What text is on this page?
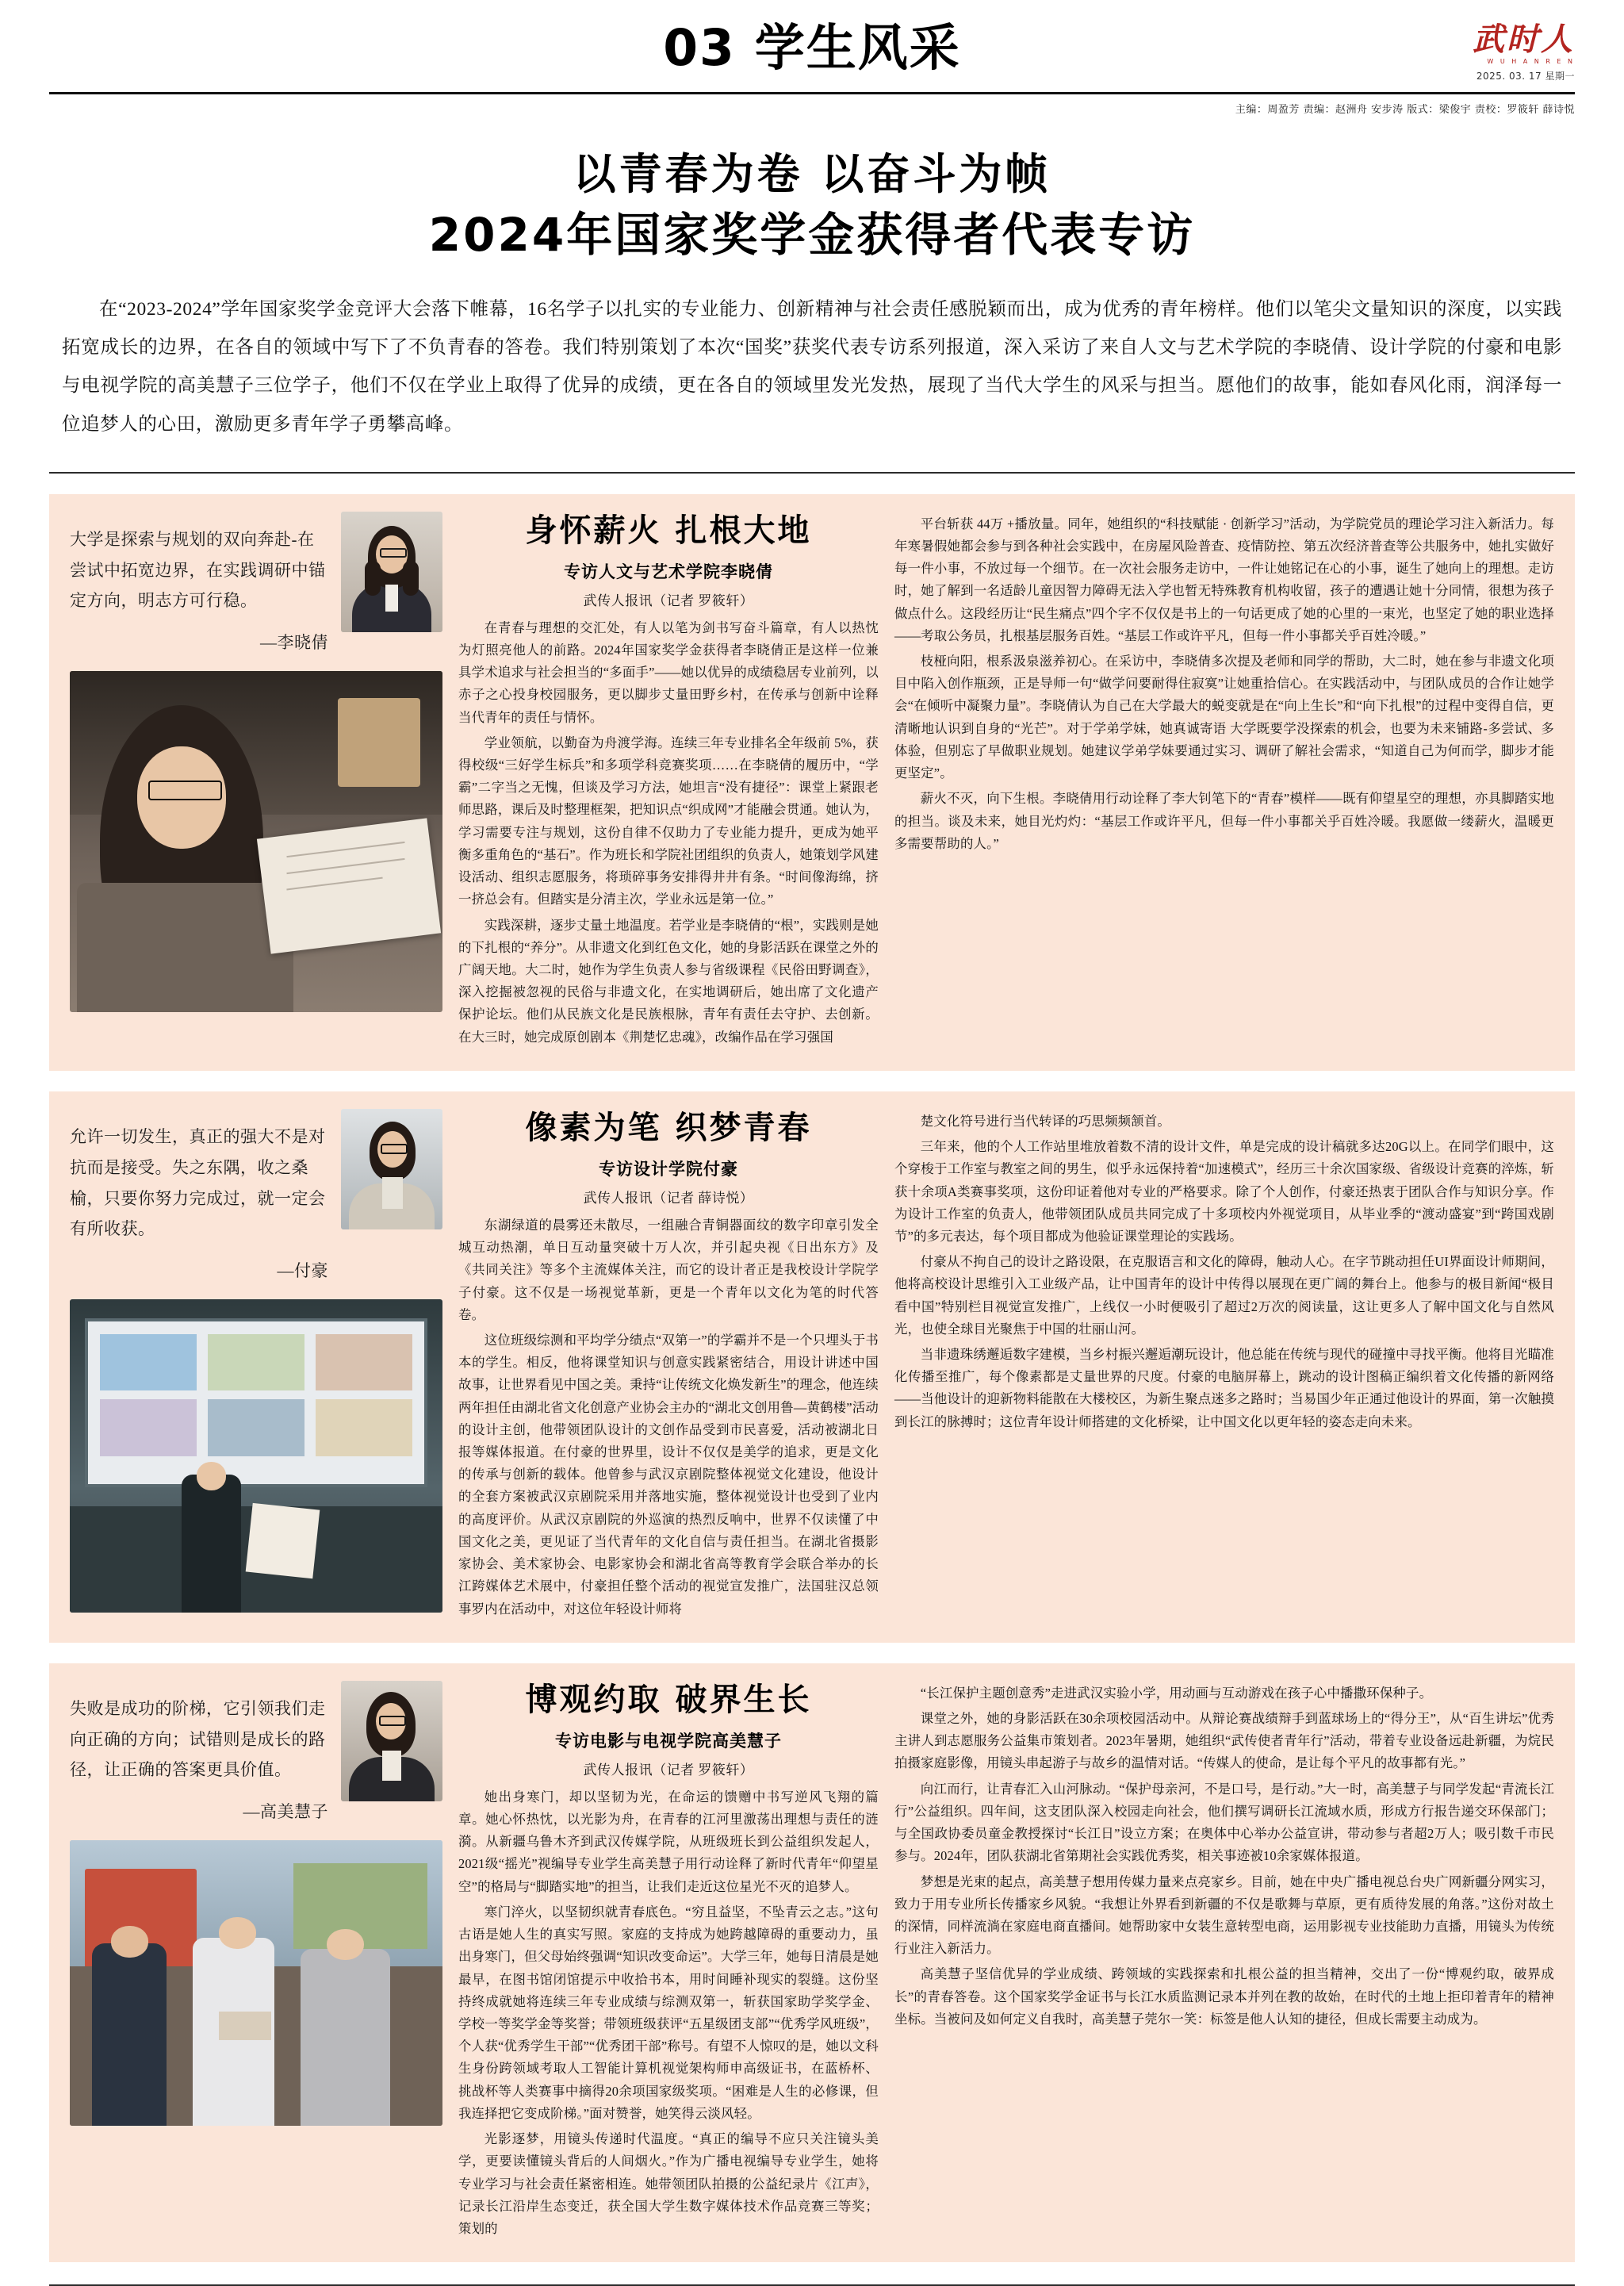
03 学生风采	武时人
W U H A N R E N
2025. 03. 17 星期一
主编：周盈芳 责编：赵洲舟 安步涛 版式：梁俊宇 责校：罗筱轩 薛诗悦
以青春为卷 以奋斗为帧
2024年国家奖学金获得者代表专访
在“2023-2024”学年国家奖学金竞评大会落下帷幕，16名学子以扎实的专业能力、创新精神与社会责任感脱颖而出，成为优秀的青年榜样。他们以笔尖文量知识的深度，以实践拓宽成长的边界，在各自的领域中写下了不负青春的答卷。我们特别策划了本次“国奖”获奖代表专访系列报道，深入采访了来自人文与艺术学院的李晓倩、设计学院的付豪和电影与电视学院的高美慧子三位学子，他们不仅在学业上取得了优异的成绩，更在各自的领域里发光发热，展现了当代大学生的风采与担当。愿他们的故事，能如春风化雨，润泽每一位追梦人的心田，激励更多青年学子勇攀高峰。
大学是探索与规划的双向奔赴-在尝试中拓宽边界，在实践调研中锚定方向，明志方可行稳。
—李晓倩
身怀薪火 扎根大地
专访人文与艺术学院李晓倩
武传人报讯（记者 罗筱轩）

在青春与理想的交汇处，有人以笔为剑书写奋斗篇章，有人以热忱为灯照亮他人的前路。2024年国家奖学金获得者李晓倩正是这样一位兼具学术追求与社会担当的“多面手”——她以优异的成绩稳居专业前列，以赤子之心投身校园服务，更以脚步丈量田野乡村，在传承与创新中诠释当代青年的责任与情怀。

学业领航，以勤奋为舟渡学海。连续三年专业排名全年级前 5%，获得校级“三好学生标兵”和多项学科竞赛奖项……在李晓倩的履历中，“学霸”二字当之无愧，但谈及学习方法，她坦言“没有捷径”：课堂上紧跟老师思路，课后及时整理框架，把知识点“织成网”才能融会贯通。她认为，学习需要专注与规划，这份自律不仅助力了专业能力提升，更成为她平衡多重角色的“基石”。作为班长和学院社团组织的负责人，她策划学风建设活动、组织志愿服务，将琐碎事务安排得井井有条。“时间像海绵，挤一挤总会有。但踏实是分清主次，学业永远是第一位。”

实践深耕，逐步丈量土地温度。若学业是李晓倩的“根”，实践则是她的下扎根的“养分”。从非遗文化到红色文化，她的身影活跃在课堂之外的广阔天地。大二时，她作为学生负责人参与省级课程《民俗田野调查》，深入挖掘被忽视的民俗与非遗文化，在实地调研后，她出席了文化遗产保护论坛。他们从民族文化是民族根脉，青年有责任去守护、去创新。在大三时，她完成原创剧本《荆楚忆忠魂》，改编作品在学习强国

平台斩获 44万 +播放量。同年，她组织的“科技赋能 · 创新学习”活动，为学院党员的理论学习注入新活力。每年寒暑假她都会参与到各种社会实践中，在房屋风险普查、疫情防控、第五次经济普查等公共服务中，她扎实做好每一件小事，不放过每一个细节。在一次社会服务走访中，一件让她铭记在心的小事，诞生了她向上的理想。走访时，她了解到一名适龄儿童因智力障碍无法入学也暂无特殊教育机构收留，孩子的遭遇让她十分同情，很想为孩子做点什么。这段经历让“民生痛点”四个字不仅仅是书上的一句话更成了她的心里的一束光，也坚定了她的职业选择——考取公务员，扎根基层服务百姓。“基层工作或许平凡，但每一件小事都关乎百姓冷暖。”

枝桠向阳，根系汲泉滋养初心。在采访中，李晓倩多次提及老师和同学的帮助，大二时，她在参与非遗文化项目中陷入创作瓶颈，正是导师一句“做学问要耐得住寂寞”让她重拾信心。在实践活动中，与团队成员的合作让她学会“在倾听中凝聚力量”。李晓倩认为自己在大学最大的蜕变就是在“向上生长”和“向下扎根”的过程中变得自信，更清晰地认识到自身的“光芒”。对于学弟学妹，她真诚寄语 大学既要学没探索的机会，也要为未来铺路-多尝试、多体验，但别忘了早做职业规划。她建议学弟学妹要通过实习、调研了解社会需求，“知道自己为何而学，脚步才能更坚定”。

薪火不灭，向下生根。李晓倩用行动诠释了李大钊笔下的“青春”模样——既有仰望星空的理想，亦具脚踏实地的担当。谈及未来，她目光灼灼：“基层工作或许平凡，但每一件小事都关乎百姓冷暖。我愿做一缕薪火，温暖更多需要帮助的人。”

允许一切发生，真正的强大不是对抗而是接受。失之东隅，收之桑榆，只要你努力完成过，就一定会有所收获。
—付豪
像素为笔 织梦青春
专访设计学院付豪
武传人报讯（记者 薛诗悦）

东湖绿道的晨雾还未散尽，一组融合青铜器面纹的数字印章引发全城互动热潮，单日互动量突破十万人次，并引起央视《日出东方》及《共同关注》等多个主流媒体关注，而它的设计者正是我校设计学院学子付豪。这不仅是一场视觉革新，更是一个青年以文化为笔的时代答卷。

这位班级综测和平均学分绩点“双第一”的学霸并不是一个只埋头于书本的学生。相反，他将课堂知识与创意实践紧密结合，用设计讲述中国故事，让世界看见中国之美。秉持“让传统文化焕发新生”的理念，他连续两年担任由湖北省文化创意产业协会主办的“湖北文创用鲁—黄鹤楼”活动的设计主创，他带领团队设计的文创作品受到市民喜爱，活动被湖北日报等媒体报道。在付豪的世界里，设计不仅仅是美学的追求，更是文化的传承与创新的载体。他曾参与武汉京剧院整体视觉文化建设，他设计的全套方案被武汉京剧院采用并落地实施，整体视觉设计也受到了业内的高度评价。从武汉京剧院的外巡演的热烈反响中，世界不仅读懂了中国文化之美，更见证了当代青年的文化自信与责任担当。在湖北省摄影家协会、美术家协会、电影家协会和湖北省高等教育学会联合举办的长江跨媒体艺术展中，付豪担任整个活动的视觉宣发推广，法国驻汉总领事罗内在活动中，对这位年轻设计师将

楚文化符号进行当代转译的巧思频频颔首。

三年来，他的个人工作站里堆放着数不清的设计文件，单是完成的设计稿就多达20G以上。在同学们眼中，这个穿梭于工作室与教室之间的男生，似乎永远保持着“加速模式”，经历三十余次国家级、省级设计竞赛的淬炼，斩获十余项A类赛事奖项，这份印证着他对专业的严格要求。除了个人创作，付豪还热衷于团队合作与知识分享。作为设计工作室的负责人，他带领团队成员共同完成了十多项校内外视觉项目，从毕业季的“渡动盛宴”到“跨国戏剧节”的多元表达，每个项目都成为他验证课堂理论的实践场。

付豪从不拘自己的设计之路设限，在克服语言和文化的障碍，触动人心。在字节跳动担任UI界面设计师期间，他将高校设计思维引入工业级产品，让中国青年的设计中传得以展现在更广阔的舞台上。他参与的极目新闻“极目看中国”特别栏目视觉宣发推广，上线仅一小时便吸引了超过2万次的阅读量，这让更多人了解中国文化与自然风光，也使全球目光聚焦于中国的壮丽山河。

当非遗珠绣邂逅数字建模，当乡村振兴邂逅潮玩设计，他总能在传统与现代的碰撞中寻找平衡。他将目光瞄准化传播至推广，每个像素都是丈量世界的尺度。付豪的电脑屏幕上，跳动的设计图稿正编织着文化传播的新网络——当他设计的迎新物料能散在大楼校区，为新生聚点迷多之路时；当易国少年正通过他设计的界面，第一次触摸到长江的脉搏时；这位青年设计师搭建的文化桥梁，让中国文化以更年轻的姿态走向未来。

失败是成功的阶梯，它引领我们走向正确的方向；试错则是成长的路径，让正确的答案更具价值。
—高美慧子
博观约取 破界生长
专访电影与电视学院高美慧子
武传人报讯（记者 罗筱轩）

她出身寒门，却以坚韧为光，在命运的馈赠中书写逆风飞翔的篇章。她心怀热忱，以光影为舟，在青春的江河里激荡出理想与责任的涟漪。从新疆乌鲁木齐到武汉传媒学院，从班级班长到公益组织发起人，2021级“摇光”视编导专业学生高美慧子用行动诠释了新时代青年“仰望星空”的格局与“脚踏实地”的担当，让我们走近这位星光不灭的追梦人。

寒门淬火，以坚韧织就青春底色。“穷且益坚，不坠青云之志。”这句古语是她人生的真实写照。家庭的支持成为她跨越障碍的重要动力，虽出身寒门，但父母始终强调“知识改变命运”。大学三年，她每日清晨是她最早，在图书馆闭馆提示中收拾书本，用时间睡补现实的裂缝。这份坚持终成就她将连续三年专业成绩与综测双第一，斩获国家助学奖学金、学校一等奖学金等奖誉；带领班级获评“五星级团支部”“优秀学风班级”，个人获“优秀学生干部”“优秀团干部”称号。有望不人惊叹的是，她以文科生身份跨领域考取人工智能计算机视觉架构师申高级证书，在蓝桥杯、挑战杯等人类赛事中摘得20余项国家级奖项。“困难是人生的必修课，但我连择把它变成阶梯。”面对赞誉，她笑得云淡风轻。

光影逐梦，用镜头传递时代温度。“真正的编导不应只关注镜头美学，更要读懂镜头背后的人间烟火。”作为广播电视编导专业学生，她将专业学习与社会责任紧密相连。她带领团队拍摄的公益纪录片《江声》，记录长江沿岸生态变迁，获全国大学生数字媒体技术作品竞赛三等奖；策划的

“长江保护主题创意秀”走进武汉实验小学，用动画与互动游戏在孩子心中播撒环保种子。

课堂之外，她的身影活跃在30余项校园活动中。从辩论赛战绩辩手到蓝球场上的“得分王”，从“百生讲坛”优秀主讲人到志愿服务公益集市策划者。2023年暑期，她组织“武传使者青年行”活动，带着专业设备远赴新疆，为烷民拍摄家庭影像，用镜头串起游子与故乡的温情对话。“传媒人的使命，是让每个平凡的故事都有光。”

向江而行，让青春汇入山河脉动。“保护母亲河，不是口号，是行动。”大一时，高美慧子与同学发起“青流长江行”公益组织。四年间，这支团队深入校园走向社会，他们撰写调研长江流域水质，形成方行报告递交环保部门；与全国政协委员童金教授探讨“长江日”设立方案；在奥体中心举办公益宣讲，带动参与者超2万人；吸引数千市民参与。2024年，团队获湖北省第期社会实践优秀奖，相关事迹被10余家媒体报道。

梦想是光束的起点，高美慧子想用传媒力量来点亮家乡。目前，她在中央广播电视总台央广网新疆分网实习，致力于用专业所长传播家乡风貌。“我想让外界看到新疆的不仅是歌舞与草原，更有质待发展的角落。”这份对故土的深情，同样流淌在家庭电商直播间。她帮助家中女装生意转型电商，运用影视专业技能助力直播，用镜头为传统行业注入新活力。

高美慧子坚信优异的学业成绩、跨领域的实践探索和扎根公益的担当精神，交出了一份“博观约取，破界成长”的青春答卷。这个国家奖学金证书与长江水质监测记录本并列在教的故始，在时代的土地上拒印着青年的精神坐标。当被问及如何定义自我时，高美慧子莞尔一笑：标签是他人认知的捷径，但成长需要主动成为。
